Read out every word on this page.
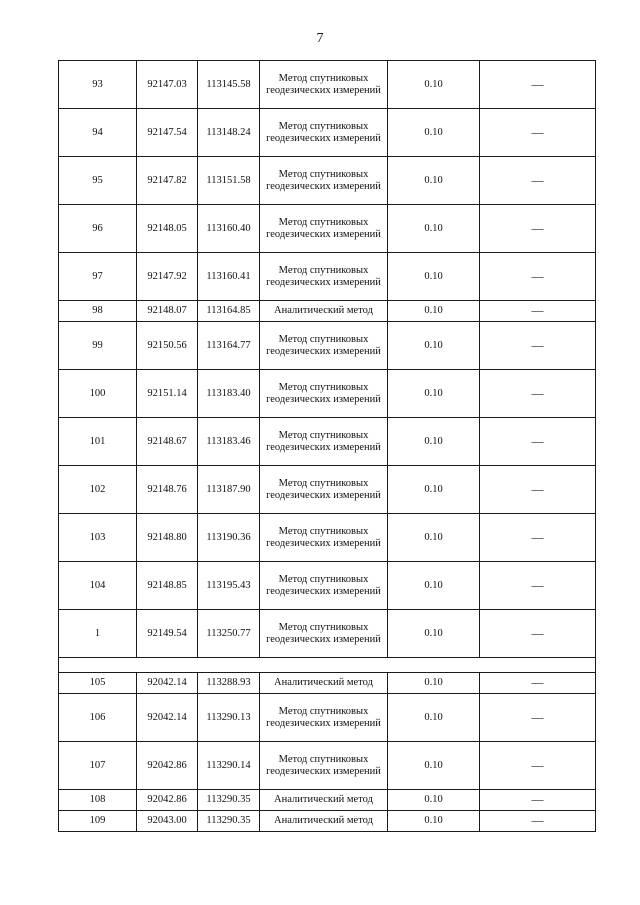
7
93	92147.03	113145.58	Метод спутниковых геодезических измерений	0.10	—
94	92147.54	113148.24	Метод спутниковых геодезических измерений	0.10	—
95	92147.82	113151.58	Метод спутниковых геодезических измерений	0.10	—
96	92148.05	113160.40	Метод спутниковых геодезических измерений	0.10	—
97	92147.92	113160.41	Метод спутниковых геодезических измерений	0.10	—
98	92148.07	113164.85	Аналитический метод	0.10	—
99	92150.56	113164.77	Метод спутниковых геодезических измерений	0.10	—
100	92151.14	113183.40	Метод спутниковых геодезических измерений	0.10	—
101	92148.67	113183.46	Метод спутниковых геодезических измерений	0.10	—
102	92148.76	113187.90	Метод спутниковых геодезических измерений	0.10	—
103	92148.80	113190.36	Метод спутниковых геодезических измерений	0.10	—
104	92148.85	113195.43	Метод спутниковых геодезических измерений	0.10	—
1	92149.54	113250.77	Метод спутниковых геодезических измерений	0.10	—

105	92042.14	113288.93	Аналитический метод	0.10	—
106	92042.14	113290.13	Метод спутниковых геодезических измерений	0.10	—
107	92042.86	113290.14	Метод спутниковых геодезических измерений	0.10	—
108	92042.86	113290.35	Аналитический метод	0.10	—
109	92043.00	113290.35	Аналитический метод	0.10	—
